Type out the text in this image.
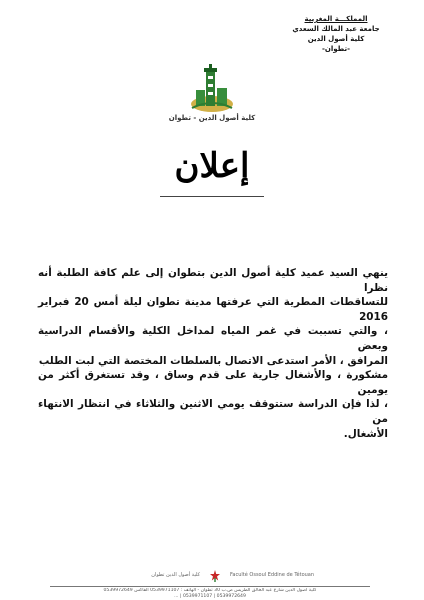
المملكـــة المغربية
جامعة عبد المالك السعدي
كلية أصول الدين
-تطوان-
كلية أصول الدين - تطوان
إعلان

ينهي السيد عميد كلية أصول الدين بتطوان إلى علم كافة الطلبة أنه نظرا

للتساقطات المطرية التي عرفتها مدينة تطوان ليلة أمس 20 فبراير 2016

، والتي تسببت في غمر المياه لمداخل الكلية والأقسام الدراسية وبعض

المرافق ، الأمر استدعى الاتصال بالسلطات المختصة التي لبت الطلب

مشكورة ، والأشغال جارية على قدم وساق ، وقد تستغرق أكثر من يومين

، لذا فإن الدراسة ستتوقف يومي الاثنين والثلاثاء في انتظار الانتهاء من

الأشغال.

كلية أصول الدين تطوان	Faculté Ossoul Eddine de Tétouan
كلية أصول الدين شارع عبد الخالق الطريس ص.ب 30 تطوان - الهاتف : 0539971107 الفاكس 0539972649
0539972649 | 0539971107 | ...
